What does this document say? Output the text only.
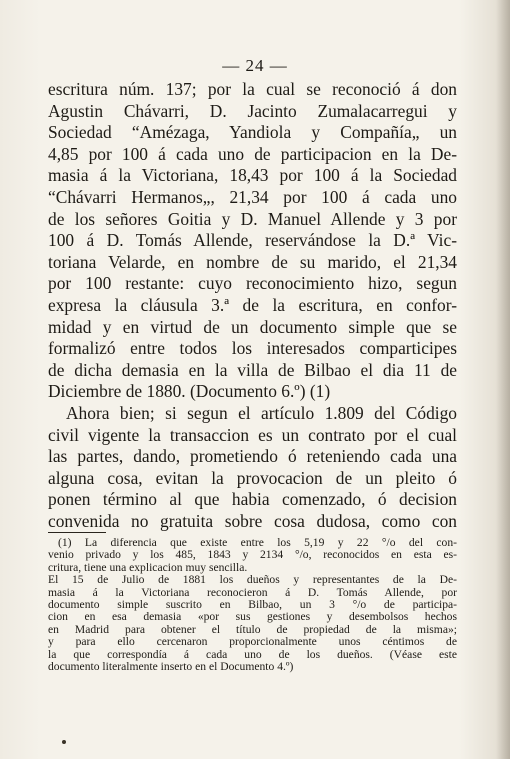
— 24 —
escritura núm. 137; por la cual se reconoció á don
Agustin Chávarri, D. Jacinto Zumalacarregui y
Sociedad “Amézaga, Yandiola y Compañía„ un
4,85 por 100 á cada uno de participacion en la De-
masia á la Victoriana, 18,43 por 100 á la Sociedad
“Chávarri Hermanos„, 21,34 por 100 á cada uno
de los señores Goitia y D. Manuel Allende y 3 por
100 á D. Tomás Allende, reservándose la D.ª Vic-
toriana Velarde, en nombre de su marido, el 21,34
por 100 restante: cuyo reconocimiento hizo, segun
expresa la cláusula 3.ª de la escritura, en confor-
midad y en virtud de un documento simple que se
formalizó entre todos los interesados comparticipes
de dicha demasia en la villa de Bilbao el dia 11 de
Diciembre de 1880. (Documento 6.º) (1)
Ahora bien; si segun el artículo 1.809 del Código
civil vigente la transaccion es un contrato por el cual
las partes, dando, prometiendo ó reteniendo cada una
alguna cosa, evitan la provocacion de un pleito ó
ponen término al que habia comenzado, ó decision
convenida no gratuita sobre cosa dudosa, como con
(1) La diferencia que existe entre los 5,19 y 22 °/o del con-
venio privado y los 485, 1843 y 2134 °/o, reconocidos en esta es-
critura, tiene una explicacion muy sencilla.
El 15 de Julio de 1881 los dueños y representantes de la De-
masia á la Victoriana reconocieron á D. Tomás Allende, por
documento simple suscrito en Bilbao, un 3 °/o de participa-
cion en esa demasia «por sus gestiones y desembolsos hechos
en Madrid para obtener el título de propiedad de la misma»;
y para ello cercenaron proporcionalmente unos céntimos de
la que correspondía á cada uno de los dueños. (Véase este
documento literalmente inserto en el Documento 4.º)
